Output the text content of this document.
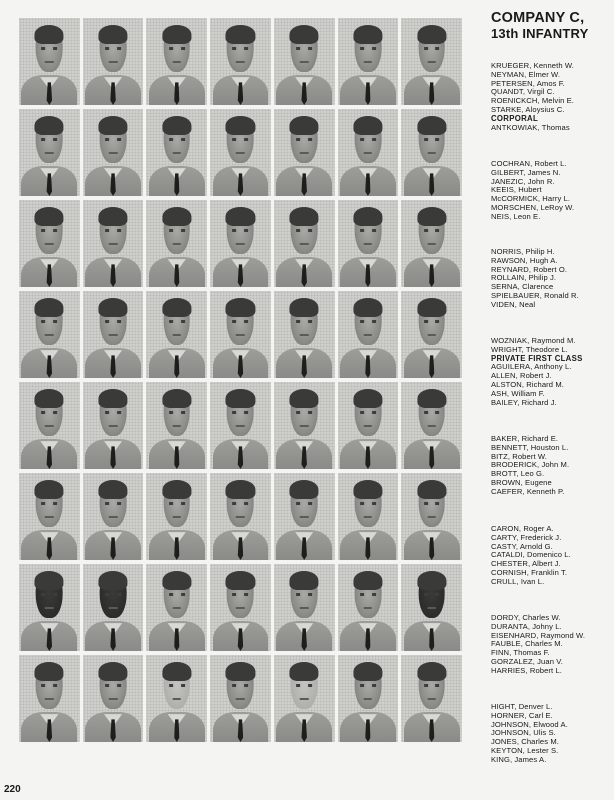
COMPANY C,
13th INFANTRY
KRUEGER, Kenneth W.
NEYMAN, Elmer W.
PETERSEN, Amos F.
QUANDT, Virgil C.
ROENICKCH, Melvin E.
STARKE, Aloysius C.
CORPORAL
ANTKOWIAK, Thomas
COCHRAN, Robert L.
GILBERT, James N.
JANEZIC, John R.
KEEIS, Hubert
McCORMICK, Harry L.
MORSCHEN, LeRoy W.
NEIS, Leon E.
NORRIS, Philip H.
RAWSON, Hugh A.
REYNARD, Robert O.
ROLLAIN, Philip J.
SERNA, Clarence
SPIELBAUER, Ronald R.
VIDEN, Neal
WOZNIAK, Raymond M.
WRIGHT, Theodore L.
PRIVATE FIRST CLASS
AGUILERA, Anthony L.
ALLEN, Robert J.
ALSTON, Richard M.
ASH, William F.
BAILEY, Richard J.
BAKER, Richard E.
BENNETT, Houston L.
BITZ, Robert W.
BRODERICK, John M.
BROTT, Leo G.
BROWN, Eugene
CAEFER, Kenneth P.
CARON, Roger A.
CARTY, Frederick J.
CASTY, Arnold G.
CATALDI, Domenico L.
CHESTER, Albert J.
CORNISH, Franklin T.
CRULL, Ivan L.
DORDY, Charles W.
DURANTA, Johny L.
EISENHARD, Raymond W.
FAUBLE, Charles M.
FINN, Thomas F.
GORZALEZ, Juan V.
HARRIES, Robert L.
HIGHT, Denver L.
HORNER, Carl E.
JOHNSON, Elwood A.
JOHNSON, Ulis S.
JONES, Charles M.
KEYTON, Lester S.
KING, James A.
220
